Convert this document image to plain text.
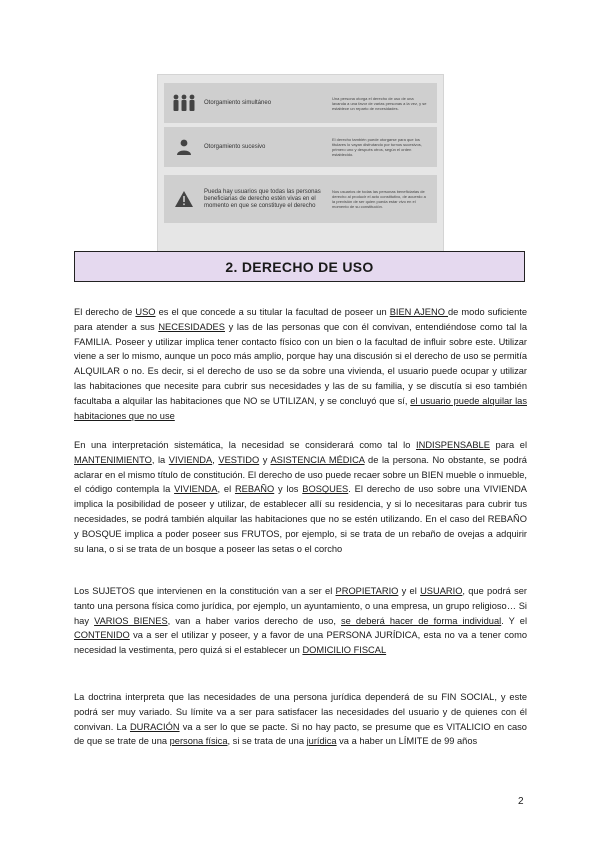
Otorgamiento simultáneo
Una persona otorga el derecho de uso de una lavanda a una favor de varias personas a la vez, y se establece un reparto de necesidades.
Otorgamiento sucesivo
El derecho también puede otorgarse para que los titulares lo vayan disfrutando por turnos sucesivos, primero uno y después otros, según el orden establecido.
Pueda hay usuarios que todas las personas beneficiarias de derecho estén vivas en el momento en que se constituye el derecho
Nos usuarios de todas las personas beneficiarias de derecho al producir el acto constitutivo, de acuerdo a la previsión de ser quien pueda estar vivo en el momento de su constitución.
2. DERECHO DE USO

El derecho de USO es el que concede a su titular la facultad de poseer un BIEN AJENO de modo suficiente para atender a sus NECESIDADES y las de las personas que con él convivan, entendiéndose como tal la FAMILIA. Poseer y utilizar implica tener contacto físico con un bien o la facultad de influir sobre este. Utilizar viene a ser lo mismo, aunque un poco más amplio, porque hay una discusión si el derecho de uso se permitía ALQUILAR o no. Es decir, si el derecho de uso se da sobre una vivienda, el usuario puede ocupar y utilizar las habitaciones que necesite para cubrir sus necesidades y las de su familia, y se discutía si eso también facultaba a alquilar las habitaciones que NO se UTILIZAN, y se concluyó que sí, el usuario puede alquilar las habitaciones que no use

En una interpretación sistemática, la necesidad se considerará como tal lo INDISPENSABLE para el MANTENIMIENTO, la VIVIENDA, VESTIDO y ASISTENCIA MÉDICA de la persona. No obstante, se podrá aclarar en el mismo título de constitución. El derecho de uso puede recaer sobre un BIEN mueble o inmueble, el código contempla la VIVIENDA, el REBAÑO y los BOSQUES. El derecho de uso sobre una VIVIENDA implica la posibilidad de poseer y utilizar, de establecer allí su residencia, y si lo necesitaras para cubrir tus necesidades, se podrá también alquilar las habitaciones que no se estén utilizando. En el caso del REBAÑO y BOSQUE implica a poder poseer sus FRUTOS, por ejemplo, si se trata de un rebaño de ovejas a adquirir su lana, o si se trata de un bosque a poseer las setas o el corcho

Los SUJETOS que intervienen en la constitución van a ser el PROPIETARIO y el USUARIO, que podrá ser tanto una persona física como jurídica, por ejemplo, un ayuntamiento, o una empresa, un grupo religioso… Si hay VARIOS BIENES, van a haber varios derecho de uso, se deberá hacer de forma individual. Y el CONTENIDO va a ser el utilizar y poseer, y a favor de una PERSONA JURÍDICA, esta no va a tener como necesidad la vestimenta, pero quizá si el establecer un DOMICILIO FISCAL

La doctrina interpreta que las necesidades de una persona jurídica dependerá de su FIN SOCIAL, y este podrá ser muy variado. Su límite va a ser para satisfacer las necesidades del usuario y de quienes con él convivan. La DURACIÓN va a ser lo que se pacte. Si no hay pacto, se presume que es VITALICIO en caso de que se trate de una persona física, si se trata de una jurídica va a haber un LÍMITE de 99 años

2
